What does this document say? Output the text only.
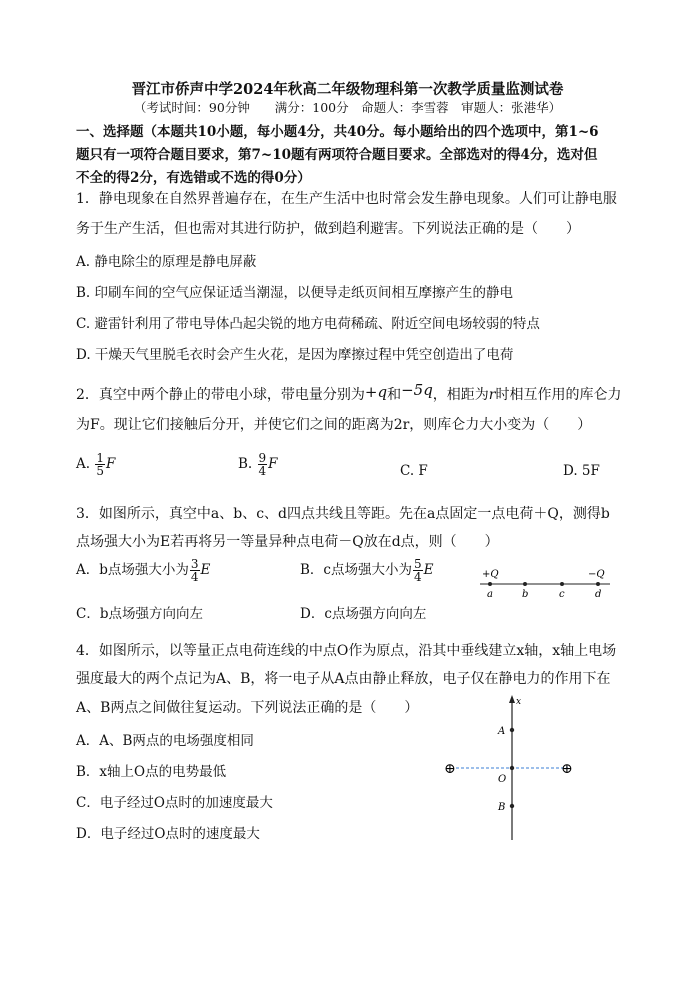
晋江市侨声中学2024年秋高二年级物理科第一次教学质量监测试卷
（考试时间：90分钟　　满分：100分　命题人：李雪蓉　审题人：张港华）
一、选择题（本题共10小题，每小题4分，共40分。每小题给出的四个选项中，第1~6
题只有一项符合题目要求，第7~10题有两项符合题目要求。全部选对的得4分，选对但
不全的得2分，有选错或不选的得0分）
1．静电现象在自然界普遍存在，在生产生活中也时常会发生静电现象。人们可让静电服
务于生产生活，但也需对其进行防护，做到趋利避害。下列说法正确的是（　　）
A. 静电除尘的原理是静电屏蔽
B. 印刷车间的空气应保证适当潮湿，以便导走纸页间相互摩擦产生的静电
C. 避雷针利用了带电导体凸起尖锐的地方电荷稀疏、附近空间电场较弱的特点
D. 干燥天气里脱毛衣时会产生火花，是因为摩擦过程中凭空创造出了电荷
2．真空中两个静止的带电小球，带电量分别为+q和−5q，相距为r时相互作用的库仑力
为F。现让它们接触后分开，并使它们之间的距离为2r，则库仑力大小变为（　　）
A. $\frac{1}{5}$ F	B. $\frac{9}{4}$ F	C. F	D. 5F
3．如图所示，真空中a、b、c、d四点共线且等距。先在a点固定一点电荷＋Q，测得b
点场强大小为E若再将另一等量异种点电荷－Q放在d点，则（　　）
A．b点场强大小为 $\frac{3}{4}$ E	B．c点场强大小为 $\frac{5}{4}$ E
C．b点场强方向向左	D．c点场强方向向左
+Q	−Q
a	b	c	d
4．如图所示，以等量正点电荷连线的中点O作为原点，沿其中垂线建立x轴，x轴上电场
强度最大的两个点记为A、B，将一电子从A点由静止释放，电子仅在静电力的作用下在
A、B两点之间做往复运动。下列说法正确的是（　　）
A．A、B两点的电场强度相同
B．x轴上O点的电势最低
C．电子经过O点时的加速度最大
D．电子经过O点时的速度最大
x
⊕	⊕
A
O
B
